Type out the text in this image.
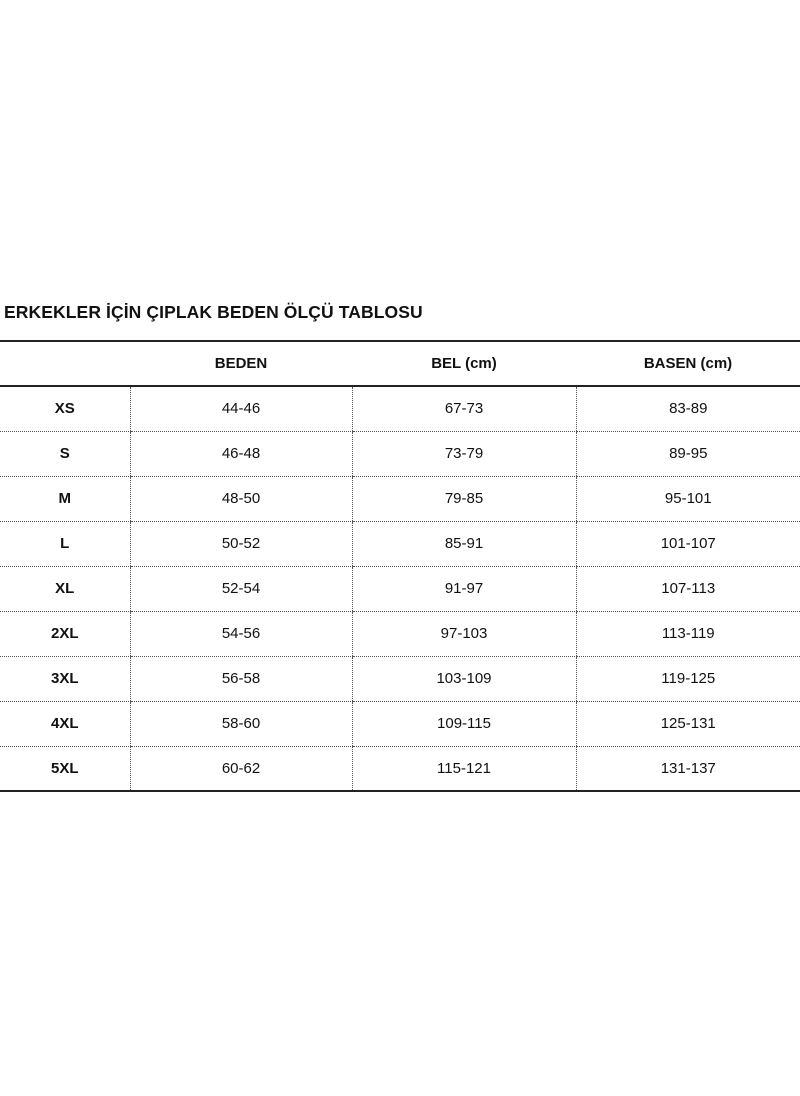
ERKEKLER İÇİN ÇIPLAK BEDEN ÖLÇÜ TABLOSU
	BEDEN	BEL (cm)	BASEN (cm)
XS	44-46	67-73	83-89
S	46-48	73-79	89-95
M	48-50	79-85	95-101
L	50-52	85-91	101-107
XL	52-54	91-97	107-113
2XL	54-56	97-103	113-119
3XL	56-58	103-109	119-125
4XL	58-60	109-115	125-131
5XL	60-62	115-121	131-137
